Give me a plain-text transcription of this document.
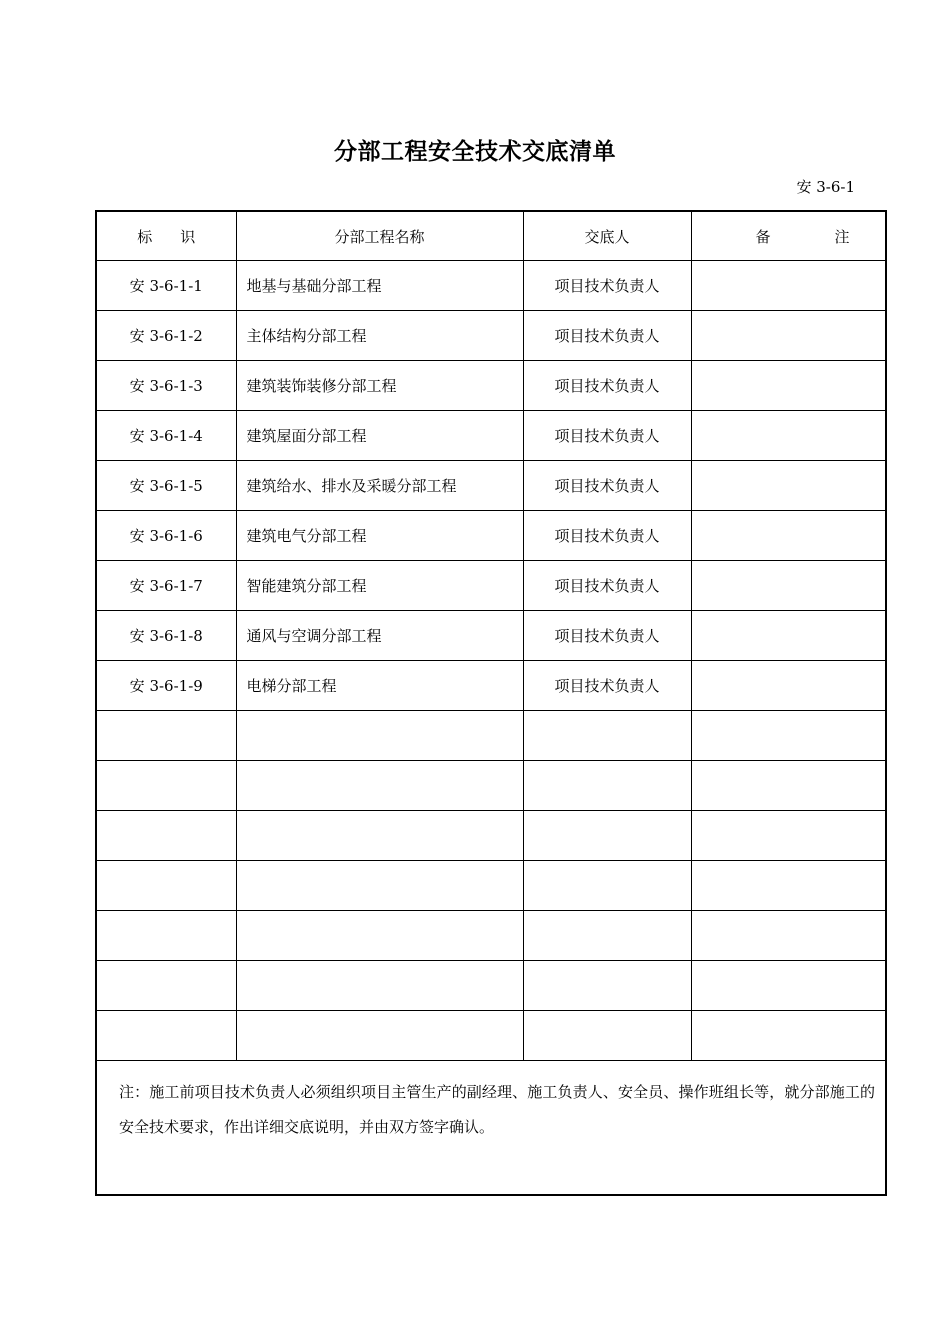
分部工程安全技术交底清单
安 3-6-1
标识	分部工程名称	交底人	备注
安 3-6-1-1	地基与基础分部工程	项目技术负责人	
安 3-6-1-2	主体结构分部工程	项目技术负责人	
安 3-6-1-3	建筑装饰装修分部工程	项目技术负责人	
安 3-6-1-4	建筑屋面分部工程	项目技术负责人	
安 3-6-1-5	建筑给水、排水及采暖分部工程	项目技术负责人	
安 3-6-1-6	建筑电气分部工程	项目技术负责人	
安 3-6-1-7	智能建筑分部工程	项目技术负责人	
安 3-6-1-8	通风与空调分部工程	项目技术负责人	
安 3-6-1-9	电梯分部工程	项目技术负责人	

注：施工前项目技术负责人必须组织项目主管生产的副经理、施工负责人、安全员、操作班组长等，就分部施工的安全技术要求，作出详细交底说明，并由双方签字确认。			
